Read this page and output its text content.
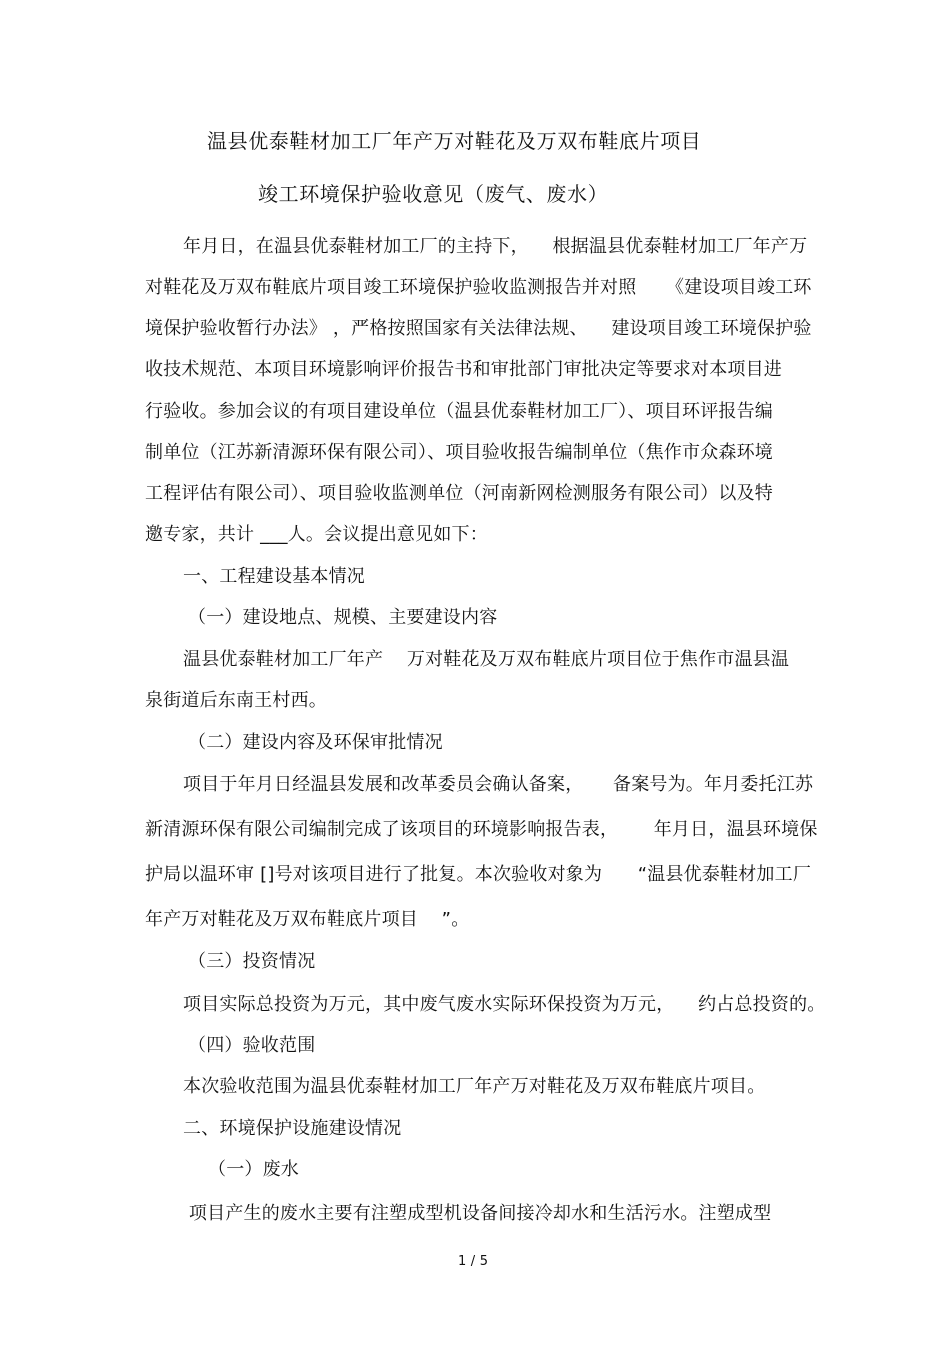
温县优泰鞋材加工厂年产万对鞋花及万双布鞋底片项目
竣工环境保护验收意见（废气、废水）
年月日，在温县优泰鞋材加工厂的主持下，    根据温县优泰鞋材加工厂年产万
对鞋花及万双布鞋底片项目竣工环境保护验收监测报告并对照     《建设项目竣工环
境保护验收暂行办法》 ，严格按照国家有关法律法规、    建设项目竣工环境保护验
收技术规范、本项目环境影响评价报告书和审批部门审批决定等要求对本项目进
行验收。参加会议的有项目建设单位（温县优泰鞋材加工厂）、项目环评报告编
制单位（江苏新清源环保有限公司）、项目验收报告编制单位（焦作市众森环境
工程评估有限公司）、项目验收监测单位（河南新网检测服务有限公司）以及特
邀专家，共计 ___人。会议提出意见如下：
一、工程建设基本情况
（一）建设地点、规模、主要建设内容
温县优泰鞋材加工厂年产    万对鞋花及万双布鞋底片项目位于焦作市温县温
泉街道后东南王村西。
（二）建设内容及环保审批情况
项目于年月日经温县发展和改革委员会确认备案，     备案号为。年月委托江苏
新清源环保有限公司编制完成了该项目的环境影响报告表，      年月日，温县环境保
护局以温环审 []号对该项目进行了批复。本次验收对象为      “温县优泰鞋材加工厂
年产万对鞋花及万双布鞋底片项目    ”。
（三）投资情况
项目实际总投资为万元，其中废气废水实际环保投资为万元，    约占总投资的。
（四）验收范围
本次验收范围为温县优泰鞋材加工厂年产万对鞋花及万双布鞋底片项目。
二、环境保护设施建设情况
（一）废水
项目产生的废水主要有注塑成型机设备间接冷却水和生活污水。注塑成型
1 / 5
